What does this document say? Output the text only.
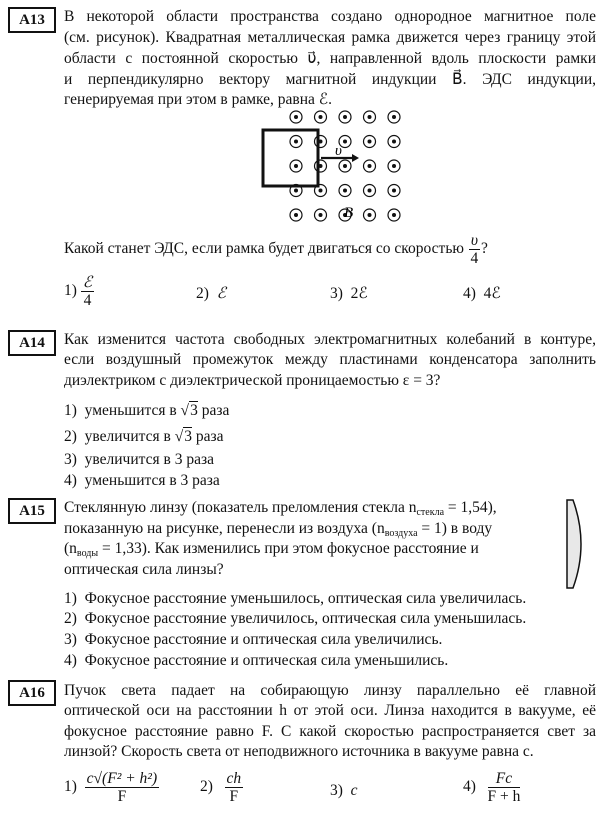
A13	В некоторой области пространства создано однородное магнитное поле
(см. рисунок). Квадратная металлическая рамка движется через границу этой
области с постоянной скоростью υ⃗, направленной вдоль плоскости рамки
и перпендикулярно вектору магнитной индукции B⃗. ЭДС индукции,
генерируемая при этом в рамке, равна ℰ.
υ⃗
B⃗
Какой станет ЭДС, если рамка будет двигаться со скоростью $\frac{\upsilon}{4}$ ?
$1) \frac{\text{ℰ}}{4}$	2) ℰ	3) 2ℰ	4) 4ℰ
A14	Как изменится частота свободных электромагнитных колебаний в контуре,
если воздушный промежуток между пластинами конденсатора заполнить
диэлектриком с диэлектрической проницаемостью ε = 3?
1) уменьшится в √3 раза
2) увеличится в √3 раза
3) увеличится в 3 раза
4) уменьшится в 3 раза
A15	Стеклянную линзу (показатель преломления стекла $n_{стекла} = 1,54$),
показанную на рисунке, перенесли из воздуха $(n_{воздуха} = 1)$ в воду
$(n_{воды} = 1,33)$. Как изменились при этом фокусное расстояние и
оптическая сила линзы?
1) Фокусное расстояние уменьшилось, оптическая сила увеличилась.
2) Фокусное расстояние увеличилось, оптическая сила уменьшилась.
3) Фокусное расстояние и оптическая сила увеличились.
4) Фокусное расстояние и оптическая сила уменьшились.
A16	Пучок света падает на собирающую линзу параллельно её главной
оптической оси на расстоянии h от этой оси. Линза находится в вакууме, её
фокусное расстояние равно F. С какой скоростью распространяется свет за
линзой? Скорость света от неподвижного источника в вакууме равна c.
$1) \frac{\text{c√(F² + h²)}}{F}$	$2) \frac{ch}{F}$	3) c	$4) \frac{Fc}{F + h}$
